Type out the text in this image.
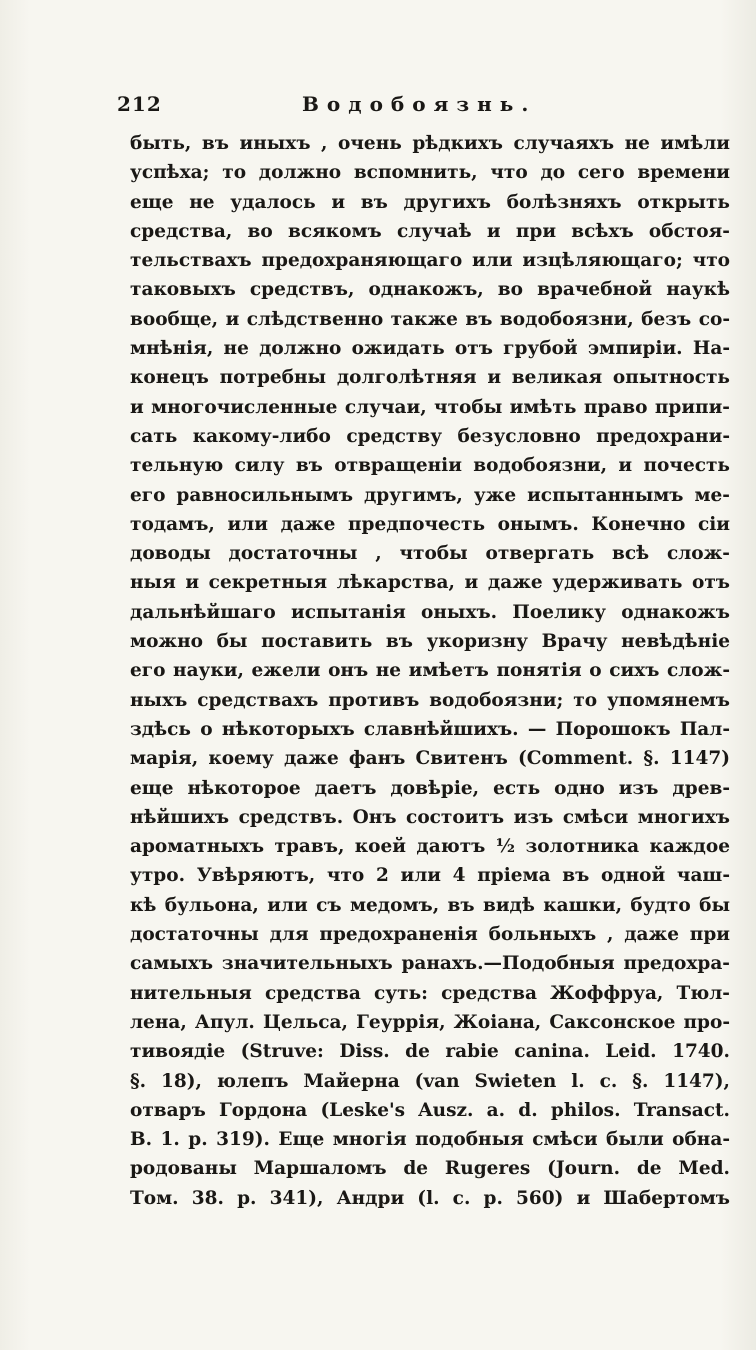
212	Водобоязнь.
быть, въ иныхъ , очень рѣдкихъ случаяхъ не имѣли
успѣха; то должно вспомнить, что до сего времени
еще не удалось и въ другихъ болѣзняхъ открыть
средства, во всякомъ случаѣ и при всѣхъ обстоя-
тельствахъ предохраняющаго или изцѣляющаго; что
таковыхъ средствъ, однакожъ, во врачебной наукѣ
вообще, и слѣдственно также въ водобоязни, безъ со-
мнѣнія, не должно ожидать отъ грубой эмпиріи. На-
конецъ потребны долголѣтняя и великая опытность
и многочисленные случаи, чтобы имѣть право припи-
сать какому-либо средству безусловно предохрани-
тельную силу въ отвращеніи водобоязни, и почесть
его равносильнымъ другимъ, уже испытаннымъ ме-
тодамъ, или даже предпочесть онымъ. Конечно сіи
доводы достаточны , чтобы отвергать всѣ слож-
ныя и секретныя лѣкарства, и даже удерживать отъ
дальнѣйшаго испытанія оныхъ. Поелику однакожъ
можно бы поставить въ укоризну Врачу невѣдѣніе
его науки, ежели онъ не имѣетъ понятія о сихъ слож-
ныхъ средствахъ противъ водобоязни; то упомянемъ
здѣсь о нѣкоторыхъ славнѣйшихъ. — Порошокъ Пал-
марія, коему даже фанъ Свитенъ (Comment. §. 1147)
еще нѣкоторое даетъ довѣріе, есть одно изъ древ-
нѣйшихъ средствъ. Онъ состоитъ изъ смѣси многихъ
ароматныхъ травъ, коей даютъ ½ золотника каждое
утро. Увѣряютъ, что 2 или 4 пріема въ одной чаш-
кѣ бульона, или съ медомъ, въ видѣ кашки, будто бы
достаточны для предохраненія больныхъ , даже при
самыхъ значительныхъ ранахъ.—Подобныя предохра-
нительныя средства суть: средства Жоффруа, Тюл-
лена, Апул. Цельса, Геуррія, Жоіана, Саксонское про-
тивоядіе (Struve: Diss. de rabie canina. Leid. 1740.
§. 18), юлепъ Майерна (van Swieten l. c. §. 1147),
отваръ Гордона (Leske's Ausz. a. d. philos. Transact.
B. 1. p. 319). Еще многія подобныя смѣси были обна-
родованы Маршаломъ de Rugeres (Journ. de Med.
Том. 38. p. 341), Андри (l. c. p. 560) и Шабертомъ
